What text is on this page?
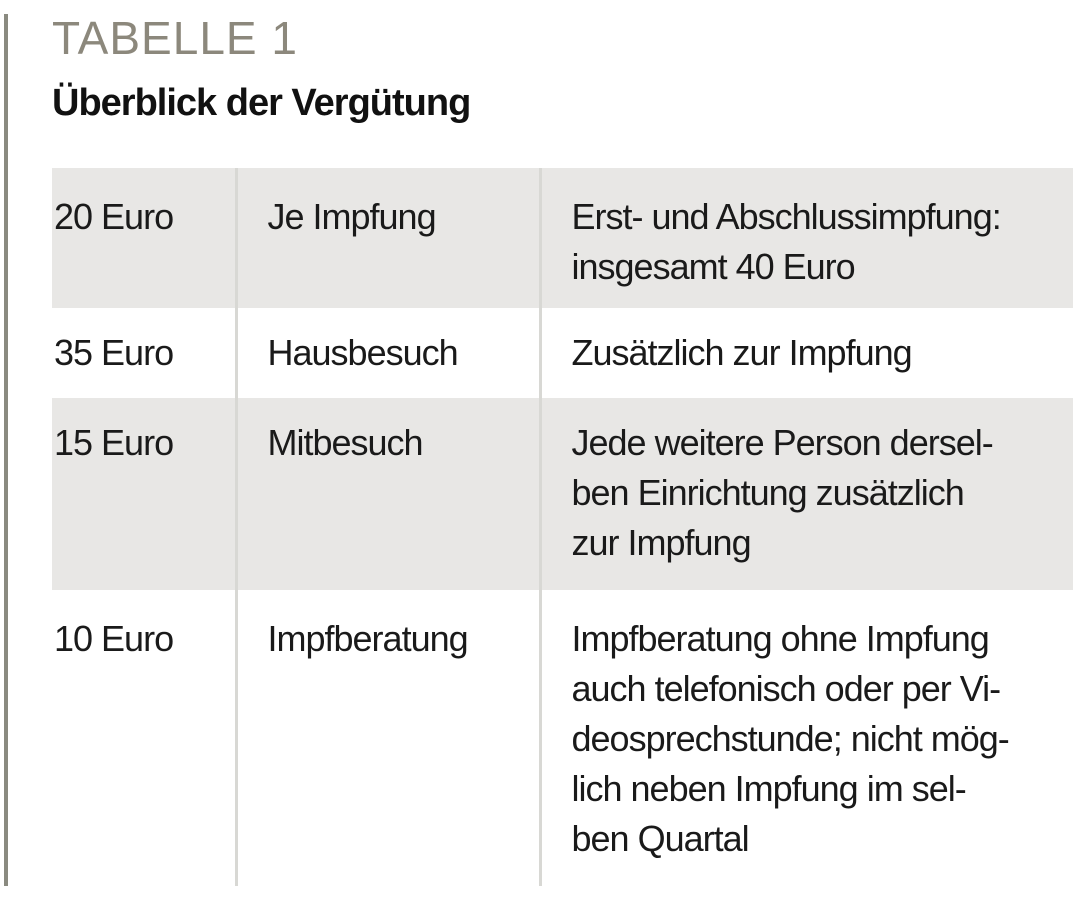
TABELLE 1
Überblick der Vergütung
20 Euro	Je Impfung	Erst- und Abschlussimpfung:
insgesamt 40 Euro

35 Euro	Hausbesuch	Zusätzlich zur Impfung

15 Euro	Mitbesuch	Jede weitere Person dersel-
ben Einrichtung zusätzlich
zur Impfung

10 Euro	Impfberatung	Impfberatung ohne Impfung
auch telefonisch oder per Vi-
deosprechstunde; nicht mög-
lich neben Impfung im sel-
ben Quartal
